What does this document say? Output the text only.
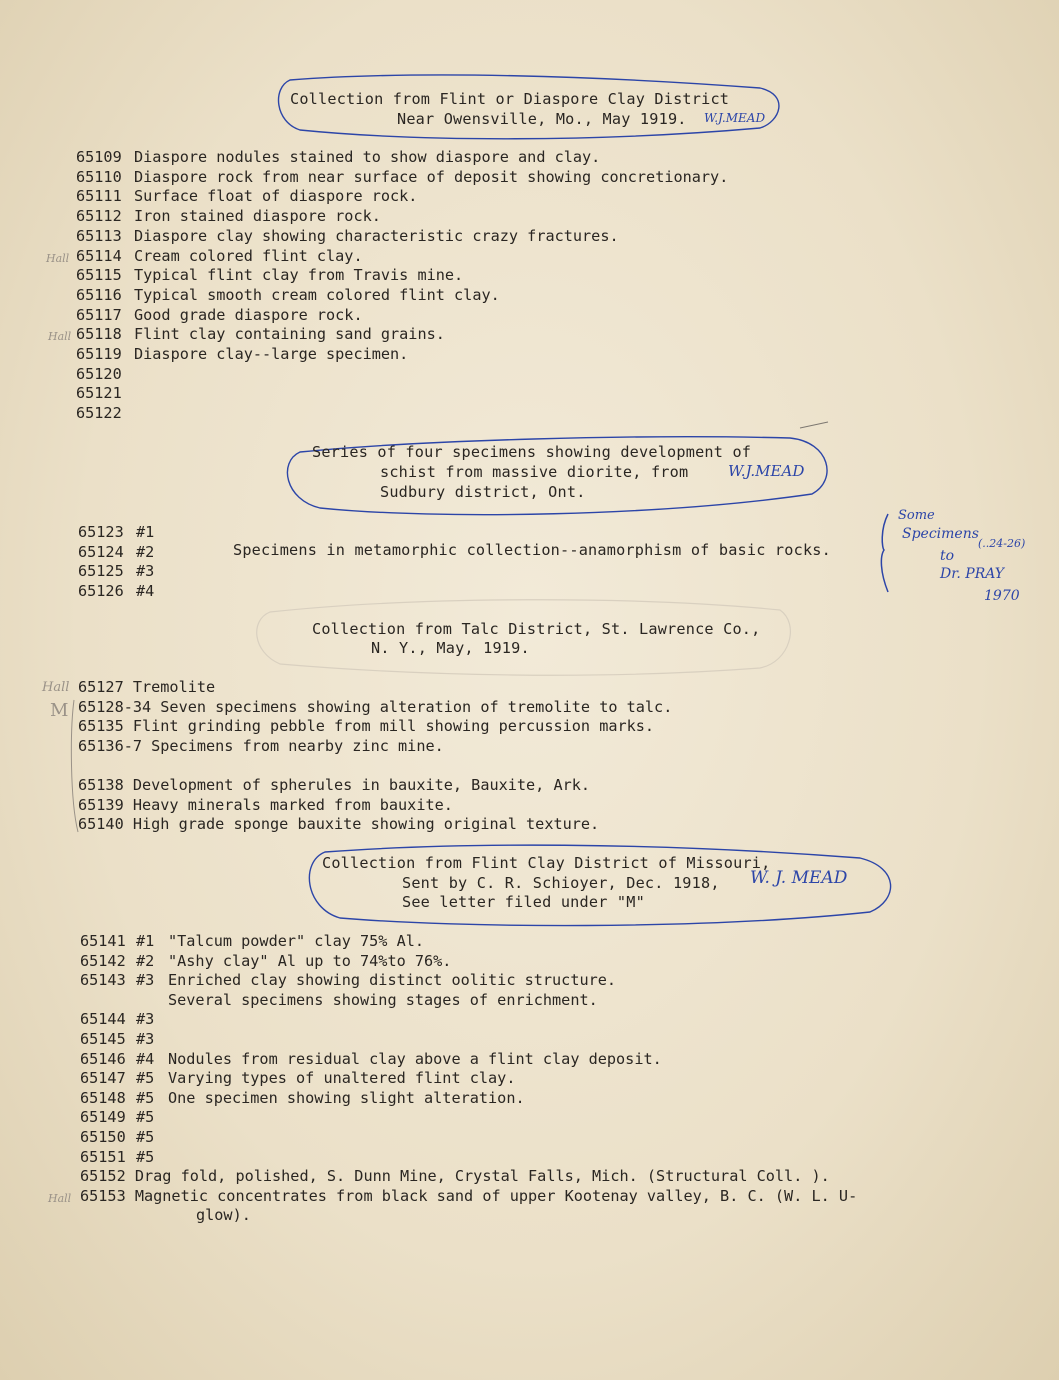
Collection from Flint or Diaspore Clay District
Near Owensville, Mo., May 1919. W.J.MEAD
65109 Diaspore nodules stained to show diaspore and clay.
65110 Diaspore rock from near surface of deposit showing concretionary.
65111 Surface float of diaspore rock.
65112 Iron stained diaspore rock.
65113 Diaspore clay showing characteristic crazy fractures.
65114 Cream colored flint clay.
65115 Typical flint clay from Travis mine.
65116 Typical smooth cream colored flint clay.
65117 Good grade diaspore rock.
65118 Flint clay containing sand grains.
65119 Diaspore clay--large specimen.
65120
65121
65122
Series of four specimens showing development of
schist from massive diorite, from
Sudbury district, Ont.
W.J.MEAD
65123 #1
65124 #2
65125 #3
65126 #4
Specimens in metamorphic collection--anamorphism of basic rocks.
Some
Specimens
(..24-26)
to
Dr. PRAY
1970
Collection from Talc District, St. Lawrence Co.,
N. Y., May, 1919.
65127 Tremolite
65128-34 Seven specimens showing alteration of tremolite to talc.
65135 Flint grinding pebble from mill showing percussion marks.
65136-7 Specimens from nearby zinc mine.
65138 Development of spherules in bauxite, Bauxite, Ark.
65139 Heavy minerals marked from bauxite.
65140 High grade sponge bauxite showing original texture.
Collection from Flint Clay District of Missouri,
Sent by C. R. Schioyer, Dec. 1918,
See letter filed under "M"
W. J. MEAD
65141 #1 "Talcum powder" clay 75% Al.
65142 #2 "Ashy clay" Al up to 74%to 76%.
65143 #3 Enriched clay showing distinct oolitic structure.
Several specimens showing stages of enrichment.
65144 #3
65145 #3
65146 #4 Nodules from residual clay above a flint clay deposit.
65147 #5 Varying types of unaltered flint clay.
65148 #5 One specimen showing slight alteration.
65149 #5
65150 #5
65151 #5
65152 Drag fold, polished, S. Dunn Mine, Crystal Falls, Mich. (Structural Coll. ).
65153 Magnetic concentrates from black sand of upper Kootenay valley, B. C. (W. L. U-
glow).
Hall
Hall
Hall
M
Hall
